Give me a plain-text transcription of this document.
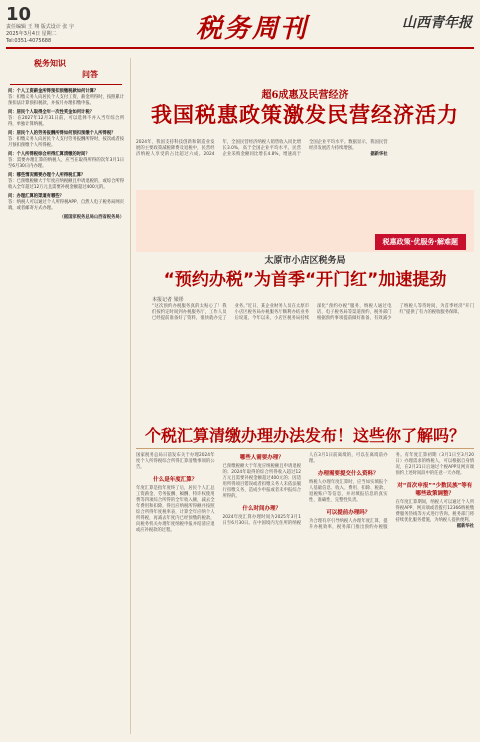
10
责任编辑 王 翔 版式设计 张 宇
2025年3月4日 星期二
Tel:0351-4075688	税务周刊	山西青年报
税务知识
问答
问：个人工资薪金所得预扣预缴税款如何计算？
答：扣缴义务人向居民个人支付工资、薪金所得时，按照累计预扣法计算预扣税款，并按月办理扣缴申报。
问：居民个人取得全年一次性奖金如何计税？
答：在2027年12月31日前，可以选择不并入当年综合所得，单独计算纳税。
问：居民个人的劳务报酬所得如何预扣预缴个人所得税？
答：扣缴义务人向居民个人支付劳务报酬所得时，按次或者按月预扣预缴个人所得税。
问：个人所得税综合所得汇算清缴的时间？
答：需要办理汇算的纳税人，应当在取得所得的次年3月1日至6月30日内办理。
问：哪些情况需要办理个人所得税汇算？
答：已预缴税额大于年度应纳税额且申请退税的，或综合所得收入全年超过12万元且需要补税金额超过400元的。
问：办理汇算的渠道有哪些？
答：纳税人可以通过个人所得税APP、自然人电子税务局网页端，或者邮寄方式办理。
（据国家税务总局山西省税务局）
超6成惠及民营经济
我国税惠政策激发民营经济活力
2024年，我国支持科技创新和制造业发展的主要政策减税降费及退税中，民营经济纳税人享受的占比超过六成。2024年，全国民营经济纳税人销售收入同比增长3.0%，高于全国企业平均水平。民营企业采购金额同比增长4.8%，增速高于全国企业平均水平。数据显示，我国民营经济发展活力持续增强。
据新华社
税惠政策·优服务·解难题
太原市小店区税务局
“预约办税”为首季“开门红”加速提劲
本报记者 梁彤
“这次预约办税服务真的太贴心了！我们按约定时间到办税服务厅，工作人员已经提前准备好了资料，很快就办完了业务。”近日，某企业财务人员在太原市小店区税务局办税服务厅顺利办结业务后说道。今年以来，小店区税务局持续深化“预约办税”服务，纳税人通过电话、电子税务局等渠道预约，税务部门根据预约事项提前做好准备，有效减少了纳税人等待时间，为首季经济“开门红”提供了有力的税收服务保障。
个税汇算清缴办理办法发布！这些你了解吗？
国家税务总局日前发布关于办理2024年度个人所得税综合所得汇算清缴事项的公告。
什么是年度汇算？
年度汇算是指年度终了后，居民个人汇总工资薪金、劳务报酬、稿酬、特许权使用费等四项综合所得的全年收入额，减去全年费用和扣除，得出应纳税所得额并按照综合所得年度税率表，计算全年应纳个人所得税，再减去年度内已经预缴的税款，向税务机关办理年度纳税申报并结清应退或应补税款的过程。
哪些人需要办理？
已预缴税额大于年度应纳税额且申请退税的；2024年取得的综合所得收入超过12万元且需要补税金额超过400元的；因适用所得项目错误或者扣缴义务人未依法履行扣缴义务，造成少申报或者未申报综合所得的。
什么时间办理？
2024年度汇算办理时间为2025年3月1日至6月30日。在中国境内无住所的纳税人在3月1日前离境的，可以在离境前办理。
办理需要提交什么资料？
纳税人办理年度汇算时，应当如实填报个人基础信息、收入、费用、扣除、税款、退税账户等信息，并对填报信息的真实性、准确性、完整性负责。
可以提前办理吗？
为合理有序引导纳税人办理年度汇算，提升办税效率，税务部门推出预约办税服务。有年度汇算初期（3月1日至3月20日）办理需求的纳税人，可以根据自身情况，在2月21日后通过个税APP及网页端预约上述时间段中的任意一天办理。
对“首次申报”“少数民族”等有哪些政策调整？
在年度汇算期间，纳税人可以通过个人所得税APP、网页端或者拨打12366纳税缴费服务热线等方式进行咨询。税务部门将持续优化服务措施，为纳税人提供便利。
据新华社
